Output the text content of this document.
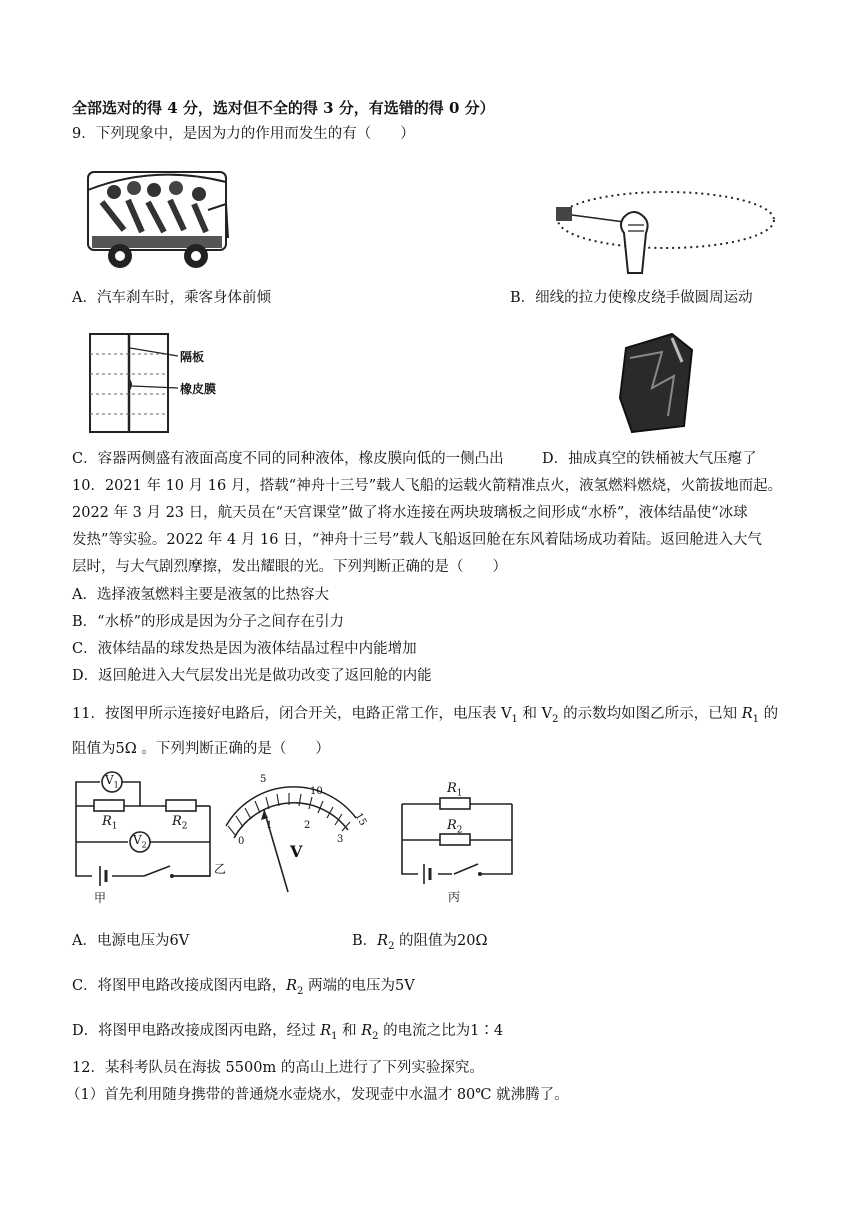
全部选对的得 4 分，选对但不全的得 3 分，有选错的得 0 分）
9．下列现象中，是因为力的作用而发生的有（　　）
A．汽车刹车时，乘客身体前倾	B．细线的拉力使橡皮绕手做圆周运动
隔板
橡皮膜
C．容器两侧盛有液面高度不同的同种液体，橡皮膜向低的一侧凸出	D．抽成真空的铁桶被大气压瘪了
10．2021 年 10 月 16 月，搭载“神舟十三号”载人飞船的运载火箭精准点火，液氢燃料燃烧，火箭拔地而起。
2022 年 3 月 23 日，航天员在“天宫课堂”做了将水连接在两块玻璃板之间形成“水桥”，液体结晶使“冰球
发热”等实验。2022 年 4 月 16 日，“神舟十三号”载人飞船返回舱在东风着陆场成功着陆。返回舱进入大气
层时，与大气剧烈摩擦，发出耀眼的光。下列判断正确的是（　　）
A．选择液氢燃料主要是液氢的比热容大
B．“水桥”的形成是因为分子之间存在引力
C．液体结晶的球发热是因为液体结晶过程中内能增加
D．返回舱进入大气层发出光是做功改变了返回舱的内能
11．按图甲所示连接好电路后，闭合开关，电路正常工作，电压表 $V_1$ 和 $V_2$ 的示数均如图乙所示，已知 $R_1$ 的
阻值为5Ω 。下列判断正确的是（　　）
$V_1$
$V_2$
$R_1$	$R_2$
甲
5
10
15
0
1	2
3
V
乙
$R_1$
$R_2$
丙
A．电源电压为6V	B．$R_2$ 的阻值为20Ω
C．将图甲电路改接成图丙电路，$R_2$ 两端的电压为5V
D．将图甲电路改接成图丙电路，经过 $R_1$ 和 $R_2$ 的电流之比为1∶4
12．某科考队员在海拔 5500m 的高山上进行了下列实验探究。
（1）首先利用随身携带的普通烧水壶烧水，发现壶中水温才 80℃ 就沸腾了。
